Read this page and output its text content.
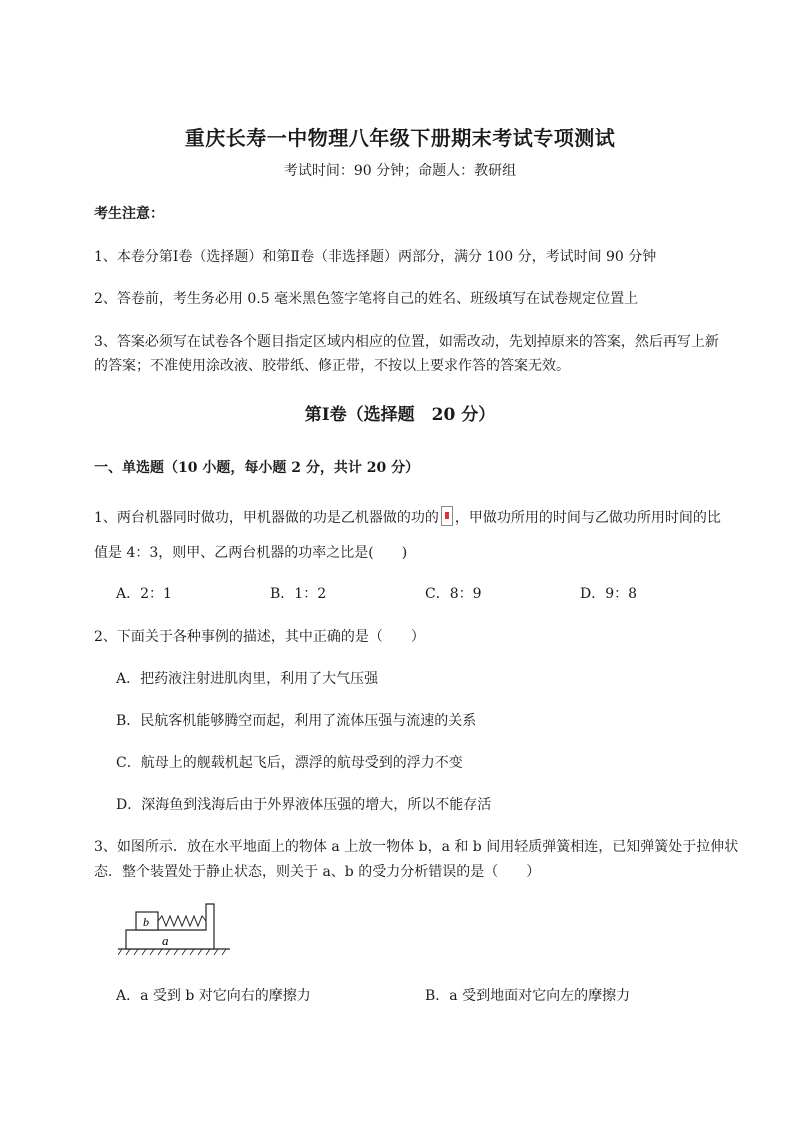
重庆长寿一中物理八年级下册期末考试专项测试
考试时间：90 分钟；命题人：教研组
考生注意：
1、本卷分第Ⅰ卷（选择题）和第Ⅱ卷（非选择题）两部分，满分 100 分，考试时间 90 分钟
2、答卷前，考生务必用 0.5 毫米黑色签字笔将自己的姓名、班级填写在试卷规定位置上
3、答案必须写在试卷各个题目指定区域内相应的位置，如需改动，先划掉原来的答案，然后再写上新
的答案；不准使用涂改液、胶带纸、修正带，不按以上要求作答的答案无效。
第Ⅰ卷（选择题　20 分）
一、单选题（10 小题，每小题 2 分，共计 20 分）
1、两台机器同时做功，甲机器做的功是乙机器做的功的 ，甲做功所用的时间与乙做功所用时间的比
值是 4：3，则甲、乙两台机器的功率之比是(　　)
A．2：1	B．1：2	C．8：9	D．9：8
2、下面关于各种事例的描述，其中正确的是（　　）
A．把药液注射进肌肉里，利用了大气压强
B．民航客机能够腾空而起，利用了流体压强与流速的关系
C．航母上的舰载机起飞后，漂浮的航母受到的浮力不变
D．深海鱼到浅海后由于外界液体压强的增大，所以不能存活
3、如图所示．放在水平地面上的物体 a 上放一物体 b，a 和 b 间用轻质弹簧相连，已知弹簧处于拉伸状
态．整个装置处于静止状态，则关于 a、b 的受力分析错误的是（　　）
b
a
A．a 受到 b 对它向右的摩擦力	B．a 受到地面对它向左的摩擦力
